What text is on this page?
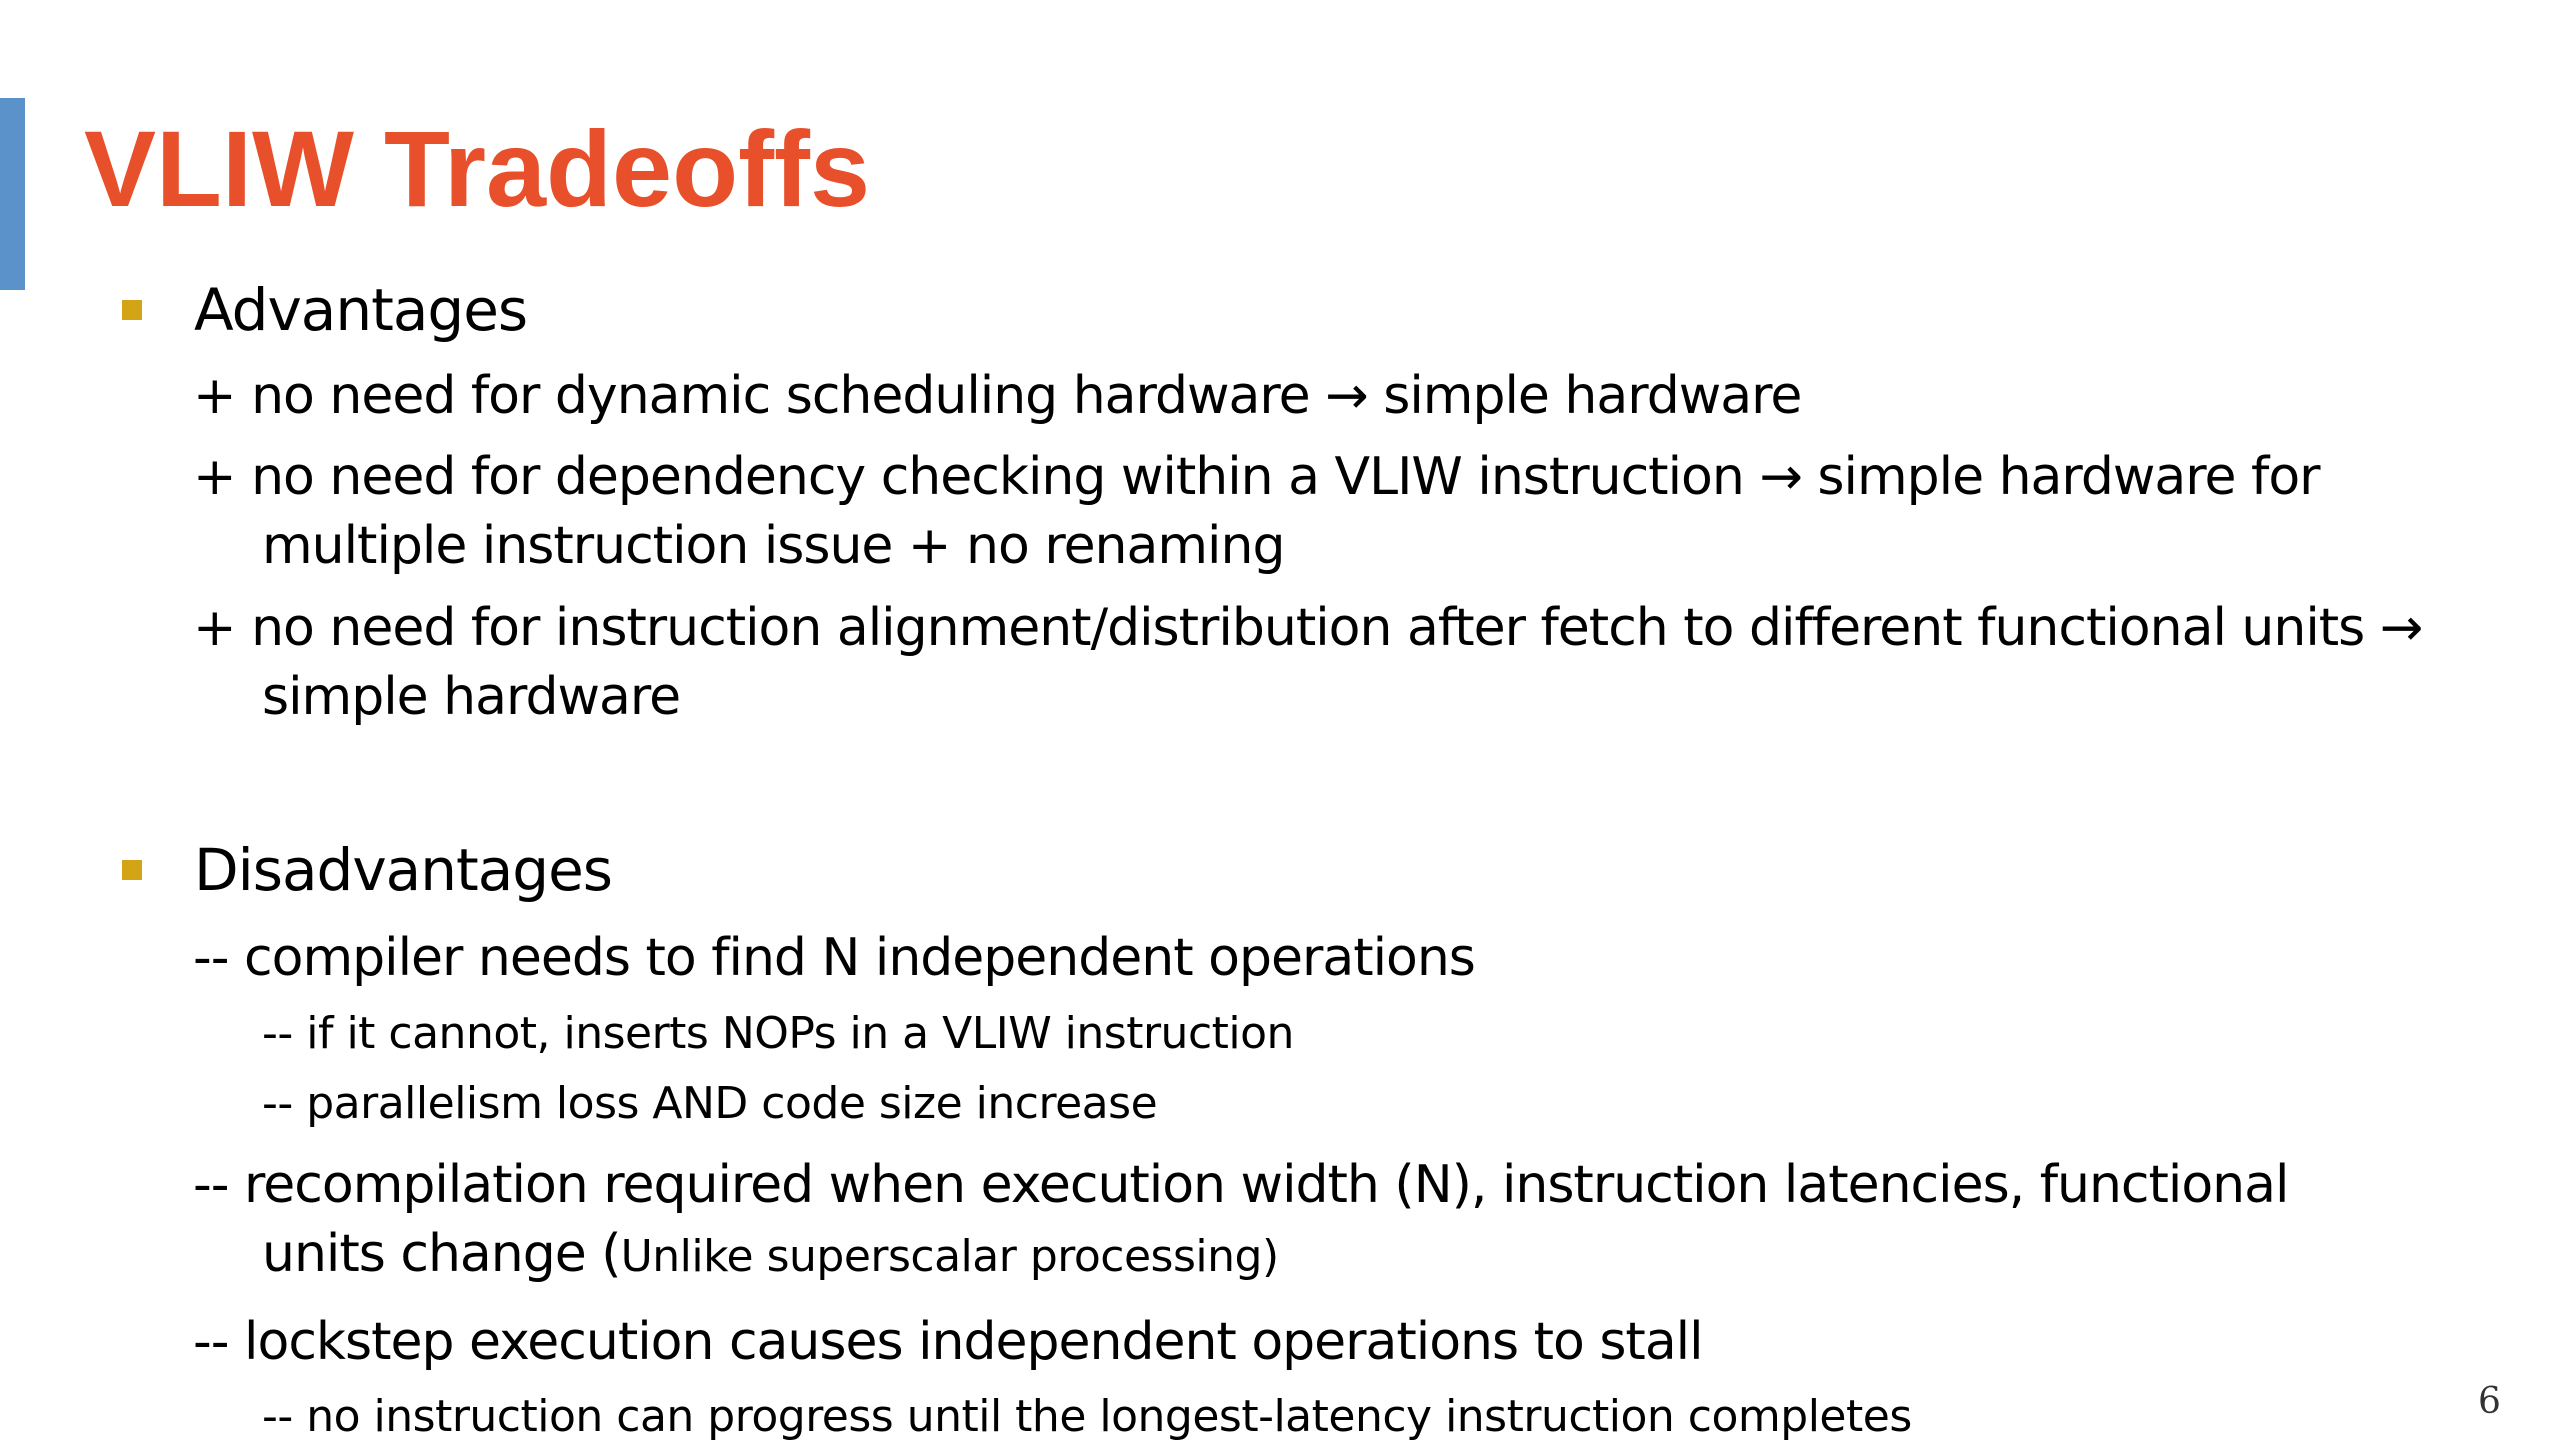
VLIW Tradeoffs
Advantages
+ no need for dynamic scheduling hardware → simple hardware
+ no need for dependency checking within a VLIW instruction → simple hardware for
multiple instruction issue + no renaming
+ no need for instruction alignment/distribution after fetch to different functional units →
simple hardware
Disadvantages
-- compiler needs to find N independent operations
-- if it cannot, inserts NOPs in a VLIW instruction
-- parallelism loss AND code size increase
-- recompilation required when execution width (N), instruction latencies, functional
units change (Unlike superscalar processing)
-- lockstep execution causes independent operations to stall
-- no instruction can progress until the longest-latency instruction completes	6
